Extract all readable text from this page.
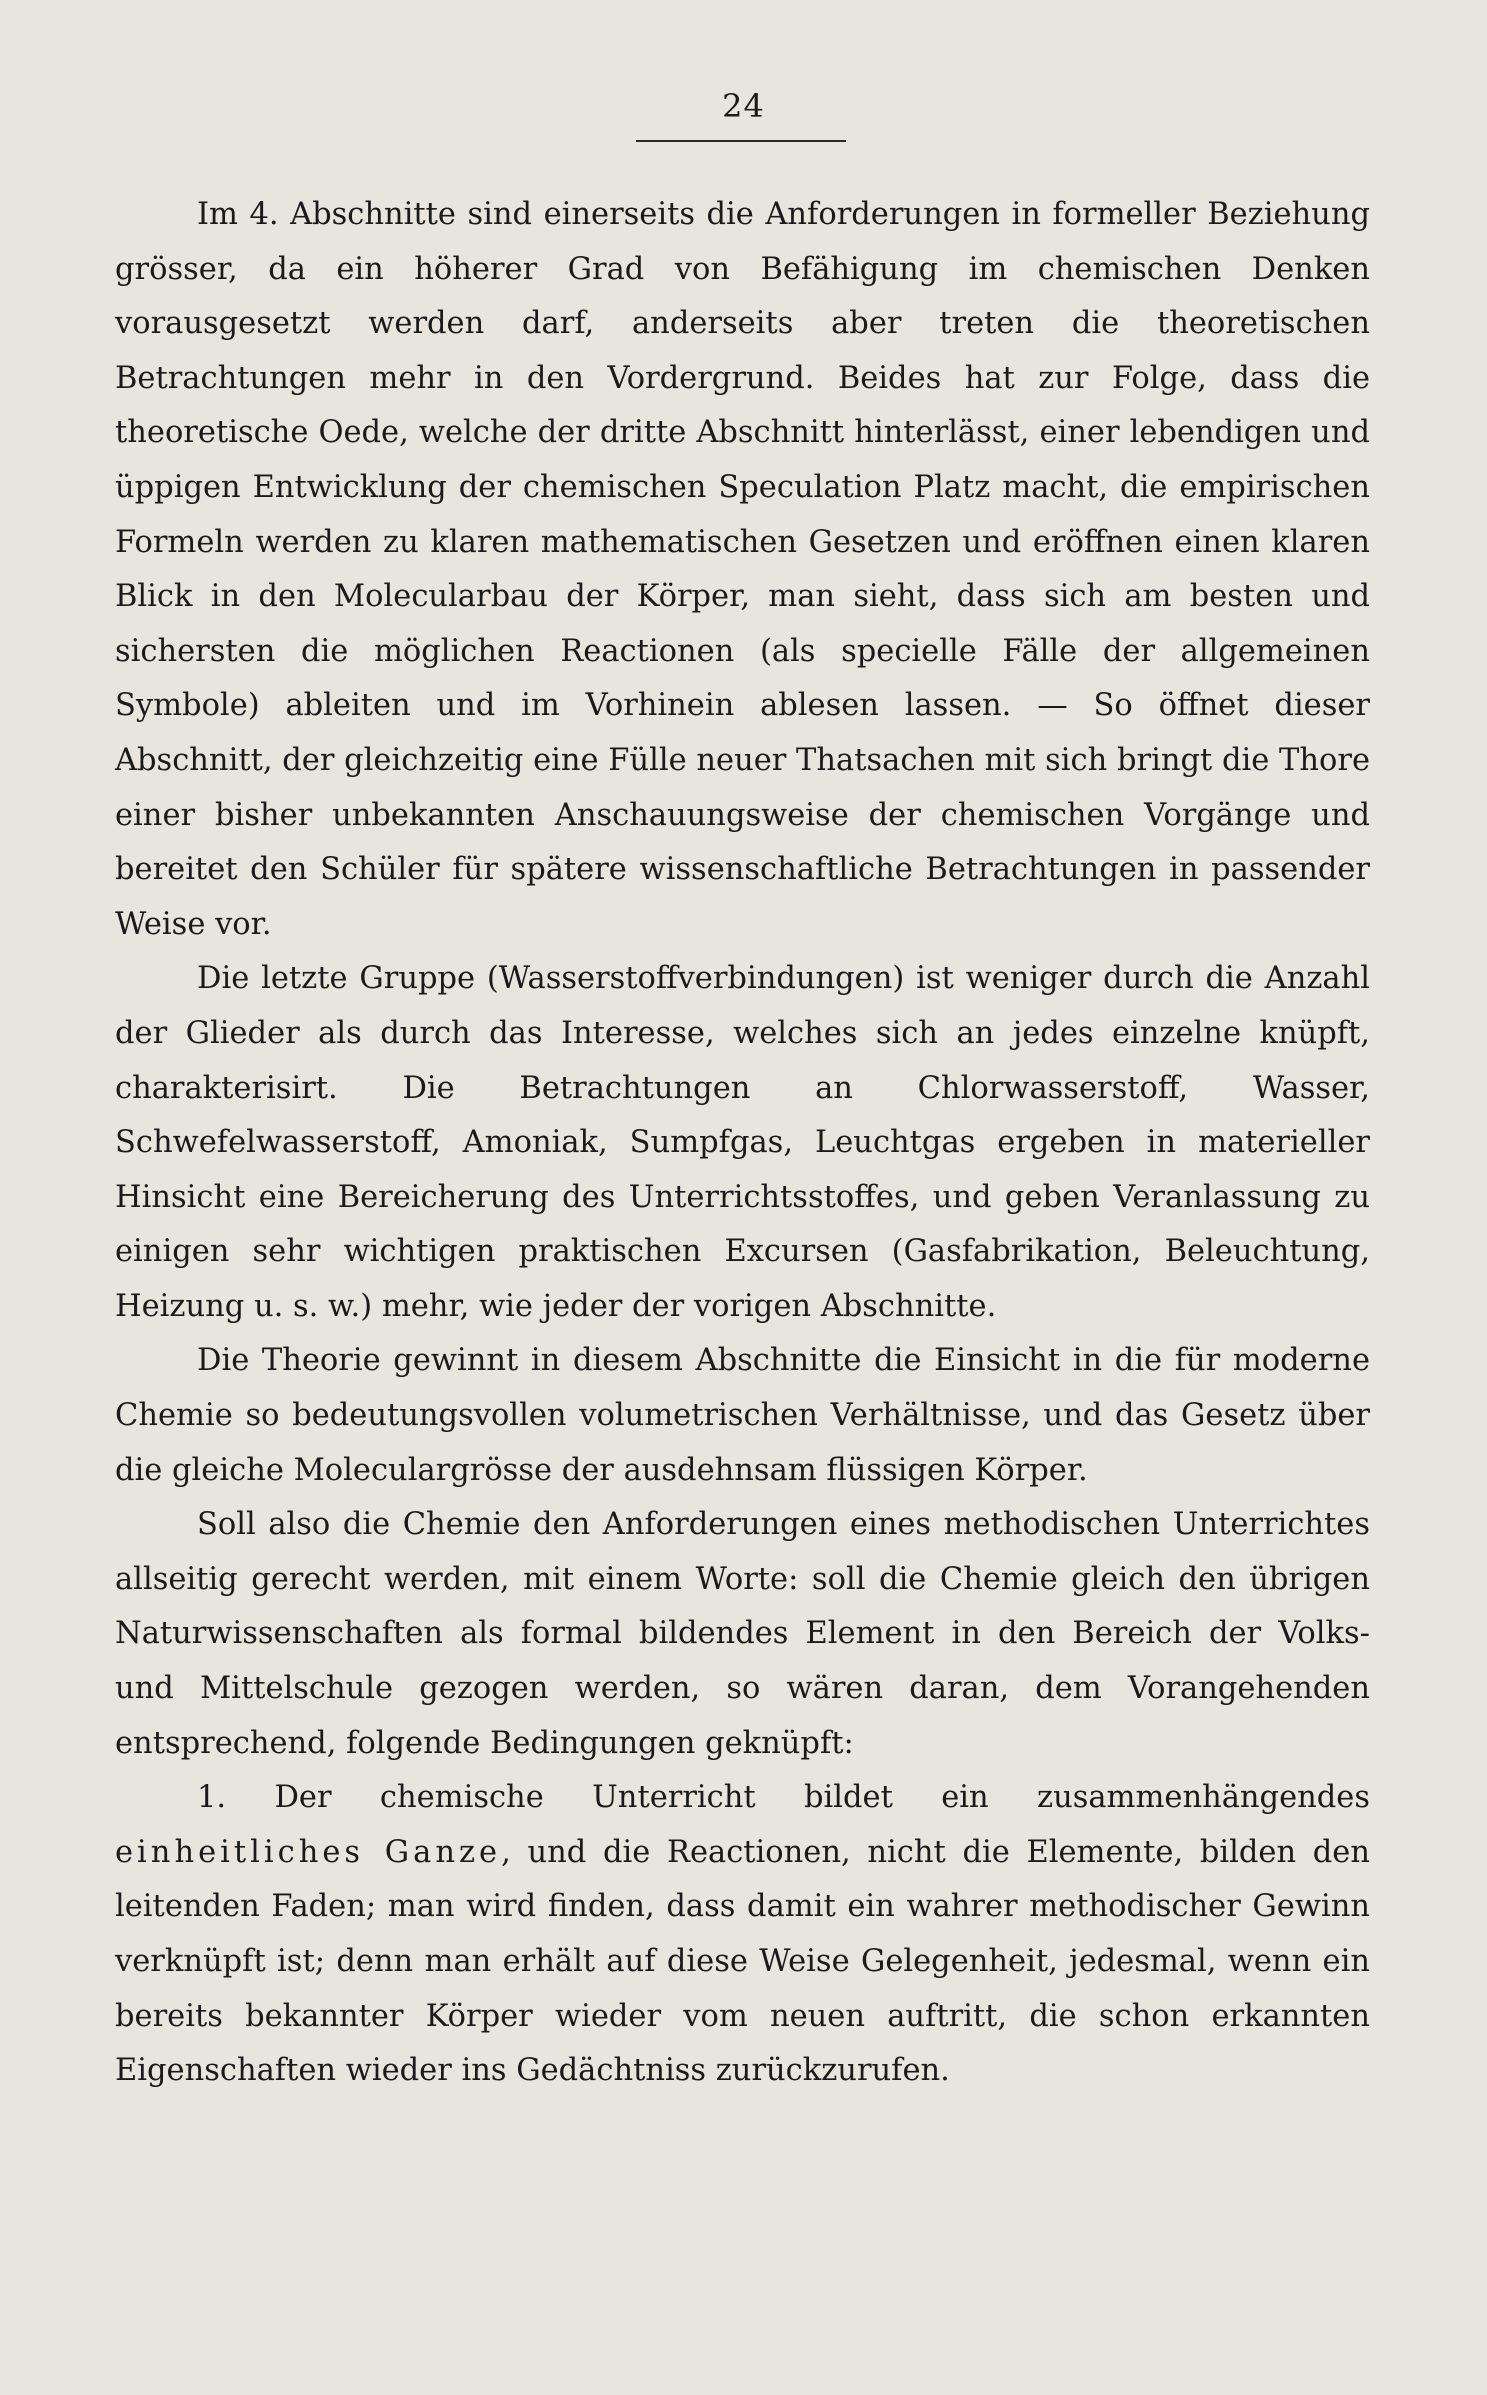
24

Im 4. Abschnitte sind einerseits die Anforderungen in formeller Beziehung grösser, da ein höherer Grad von Befähigung im chemischen Denken vorausgesetzt werden darf, anderseits aber treten die theoretischen Betrachtungen mehr in den Vordergrund. Beides hat zur Folge, dass die theoretische Oede, welche der dritte Abschnitt hinterlässt, einer lebendigen und üppigen Entwicklung der chemischen Speculation Platz macht, die empirischen Formeln werden zu klaren mathematischen Gesetzen und eröffnen einen klaren Blick in den Molecularbau der Körper, man sieht, dass sich am besten und sichersten die möglichen Reactionen (als specielle Fälle der allgemeinen Symbole) ableiten und im Vorhinein ablesen lassen. — So öffnet dieser Abschnitt, der gleichzeitig eine Fülle neuer Thatsachen mit sich bringt die Thore einer bisher unbekannten Anschauungsweise der chemischen Vorgänge und bereitet den Schüler für spätere wissenschaftliche Betrachtungen in passender Weise vor.

Die letzte Gruppe (Wasserstoffverbindungen) ist weniger durch die Anzahl der Glieder als durch das Interesse, welches sich an jedes einzelne knüpft, charakterisirt. Die Betrachtungen an Chlorwasserstoff, Wasser, Schwefelwasserstoff, Amoniak, Sumpfgas, Leuchtgas ergeben in materieller Hinsicht eine Bereicherung des Unterrichtsstoffes, und geben Veranlassung zu einigen sehr wichtigen praktischen Excursen (Gasfabrikation, Beleuchtung, Heizung u. s. w.) mehr, wie jeder der vorigen Abschnitte.

Die Theorie gewinnt in diesem Abschnitte die Einsicht in die für moderne Chemie so bedeutungsvollen volumetrischen Verhältnisse, und das Gesetz über die gleiche Moleculargrösse der ausdehnsam flüssigen Körper.

Soll also die Chemie den Anforderungen eines methodischen Unterrichtes allseitig gerecht werden, mit einem Worte: soll die Chemie gleich den übrigen Naturwissenschaften als formal bildendes Element in den Bereich der Volks- und Mittelschule gezogen werden, so wären daran, dem Vorangehenden entsprechend, folgende Bedingungen geknüpft:

1. Der chemische Unterricht bildet ein zusammenhängendes einheitliches Ganze, und die Reactionen, nicht die Elemente, bilden den leitenden Faden; man wird finden, dass damit ein wahrer methodischer Gewinn verknüpft ist; denn man erhält auf diese Weise Gelegenheit, jedesmal, wenn ein bereits bekannter Körper wieder vom neuen auftritt, die schon erkannten Eigenschaften wieder ins Gedächtniss zurückzurufen.
